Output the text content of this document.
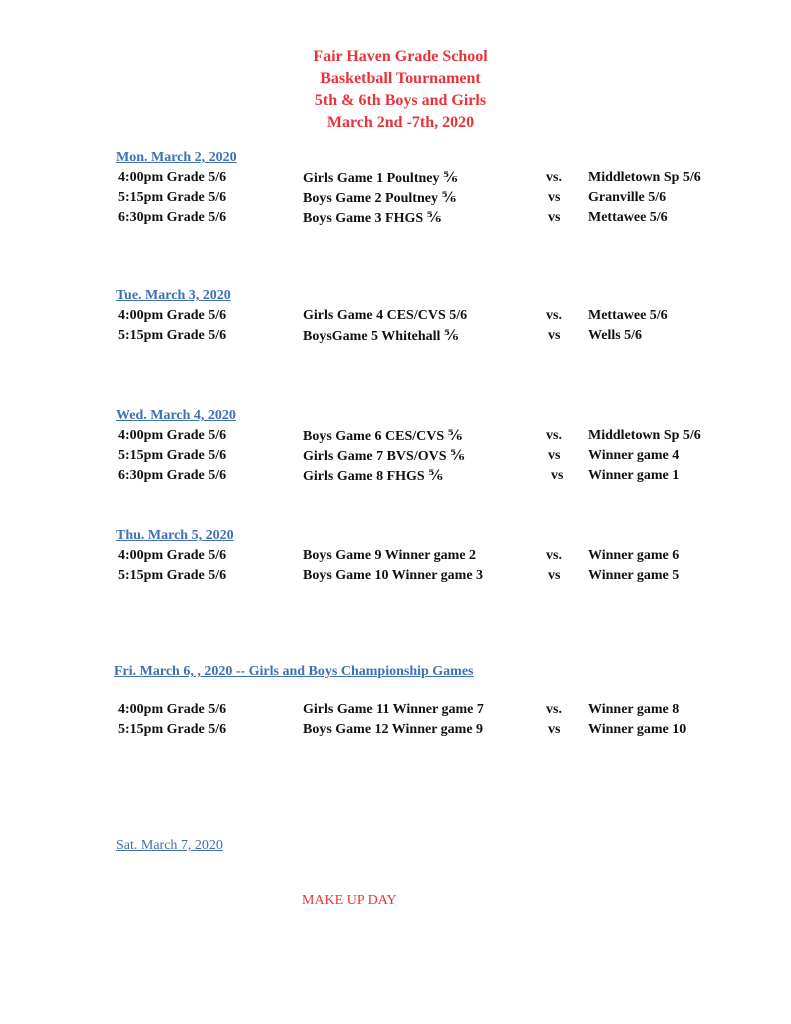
Fair Haven Grade School
Basketball Tournament
5th & 6th Boys and Girls
March 2nd -7th, 2020
Mon. March 2, 2020
4:00pm Grade 5/6	Girls Game 1 Poultney ⅚	vs. Middletown Sp 5/6
5:15pm Grade 5/6	Boys Game 2 Poultney ⅚	vs Granville 5/6
6:30pm Grade 5/6	Boys Game 3 FHGS ⅚	vs Mettawee 5/6
Tue. March 3, 2020
4:00pm Grade 5/6	Girls Game 4 CES/CVS 5/6	vs. Mettawee 5/6
5:15pm Grade 5/6	BoysGame 5 Whitehall ⅚	vs Wells 5/6
Wed. March 4, 2020
4:00pm Grade 5/6	Boys Game 6 CES/CVS ⅚	vs. Middletown Sp 5/6
5:15pm Grade 5/6	Girls Game 7 BVS/OVS ⅚	vs Winner game 4
6:30pm Grade 5/6	Girls Game 8 FHGS ⅚	vs Winner game 1
Thu. March 5, 2020
4:00pm Grade 5/6	Boys Game 9 Winner game 2	vs. Winner game 6
5:15pm Grade 5/6	Boys Game 10 Winner game 3	vs Winner game 5
Fri. March 6, , 2020 -- Girls and Boys Championship Games
4:00pm Grade 5/6	Girls Game 11 Winner game 7	vs. Winner game 8
5:15pm Grade 5/6	Boys Game 12 Winner game 9	vs Winner game 10
Sat. March 7, 2020
MAKE UP DAY
